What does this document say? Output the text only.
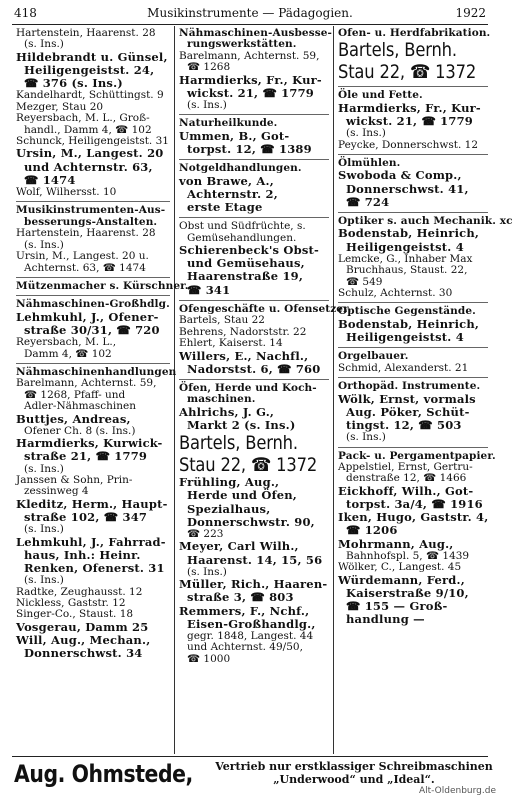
418	Musikinstrumente — Pädagogien.	1922
Hartenstein, Haarenst. 28
(s. Ins.)
Hildebrandt u. Günsel,
Heiligengeistst. 24,
☎ 376 (s. Ins.)
Kandelhardt, Schüttingst. 9
Mezger, Stau 20
Reyersbach, M. L., Groß-
handl., Damm 4, ☎ 102
Schunck, Heiligengeistst. 31
Ursin, M., Langest. 20
und Achternstr. 63,
☎ 1474
Wolf, Wilhersst. 10
Musikinstrumenten-Aus-
besserungs-Anstalten.
Hartenstein, Haarenst. 28
(s. Ins.)
Ursin, M., Langest. 20 u.
Achternst. 63, ☎ 1474
Mützenmacher s. Kürschner.
Nähmaschinen-Großhdlg.
Lehmkuhl, J., Ofener-
straße 30/31, ☎ 720
Reyersbach, M. L.,
Damm 4, ☎ 102
Nähmaschinenhandlungen
Barelmann, Achternst. 59,
☎ 1268, Pfaff- und
Adler-Nähmaschinen
Buttjes, Andreas,
Ofener Ch. 8 (s. Ins.)
Harmdierks, Kurwick-
straße 21, ☎ 1779
(s. Ins.)
Janssen & Sohn, Prin-
zessinweg 4
Kleditz, Herm., Haupt-
straße 102, ☎ 347
(s. Ins.)
Lehmkuhl, J., Fahrrad-
haus, Inh.: Heinr.
Renken, Ofenerst. 31
(s. Ins.)
Radtke, Zeughausst. 12
Nickless, Gaststr. 12
Singer-Co., Staust. 18
Vosgerau, Damm 25
Will, Aug., Mechan.,
Donnerschwst. 34
Nähmaschinen-Ausbesse-
rungswerkstätten.
Barelmann, Achternst. 59,
☎ 1268
Harmdierks, Fr., Kur-
wickst. 21, ☎ 1779
(s. Ins.)
Naturheilkunde.
Ummen, B., Got-
torpst. 12, ☎ 1389
Notgeldhandlungen.
von Brawe, A.,
Achternstr. 2,
erste Etage
Obst und Südfrüchte, s.
Gemüsehandlungen.
Schierenbeck's Obst-
und Gemüsehaus,
Haarenstraße 19,
☎ 341
Ofengeschäfte u. Ofensetzer.
Bartels, Stau 22
Behrens, Nadorststr. 22
Ehlert, Kaiserst. 14
Willers, E., Nachfl.,
Nadorstst. 6, ☎ 760
Öfen, Herde und Koch-
maschinen.
Ahlrichs, J. G.,
Markt 2 (s. Ins.)
Bartels, Bernh.
Stau 22, ☎ 1372
Frühling, Aug.,
Herde und Öfen,
Spezialhaus,
Donnerschwstr. 90,
☎ 223
Meyer, Carl Wilh.,
Haarenst. 14, 15, 56
(s. Ins.)
Müller, Rich., Haaren-
straße 3, ☎ 803
Remmers, F., Nchf.,
Eisen-Großhandlg.,
gegr. 1848, Langest. 44
und Achternst. 49/50,
☎ 1000
Ofen- u. Herdfabrikation.
Bartels, Bernh.
Stau 22, ☎ 1372
Öle und Fette.
Harmdierks, Fr., Kur-
wickst. 21, ☎ 1779
(s. Ins.)
Peycke, Donnerschwst. 12
Ölmühlen.
Swoboda & Comp.,
Donnerschwst. 41,
☎ 724
Optiker s. auch Mechanik. xc
Bodenstab, Heinrich,
Heiligengeistst. 4
Lemcke, G., Inhaber Max
Bruchhaus, Staust. 22,
☎ 549
Schulz, Achternst. 30
Optische Gegenstände.
Bodenstab, Heinrich,
Heiligengeistst. 4
Orgelbauer.
Schmid, Alexanderst. 21
Orthopäd. Instrumente.
Wölk, Ernst, vormals
Aug. Pöker, Schüt-
tingst. 12, ☎ 503
(s. Ins.)
Pack- u. Pergamentpapier.
Appelstiel, Ernst, Gertru-
denstraße 12, ☎ 1466
Eickhoff, Wilh., Got-
torpst. 3a/4, ☎ 1916
Iken, Hugo, Gaststr. 4,
☎ 1206
Mohrmann, Aug.,
Bahnhofspl. 5, ☎ 1439
Wölker, C., Langest. 45
Würdemann, Ferd.,
Kaiserstraße 9/10,
☎ 155 — Groß-
handlung —
Aug. Ohmstede, Vertrieb nur erstklassiger Schreibmaschinen
„Underwood“ und „Ideal“.
Alt-Oldenburg.de
